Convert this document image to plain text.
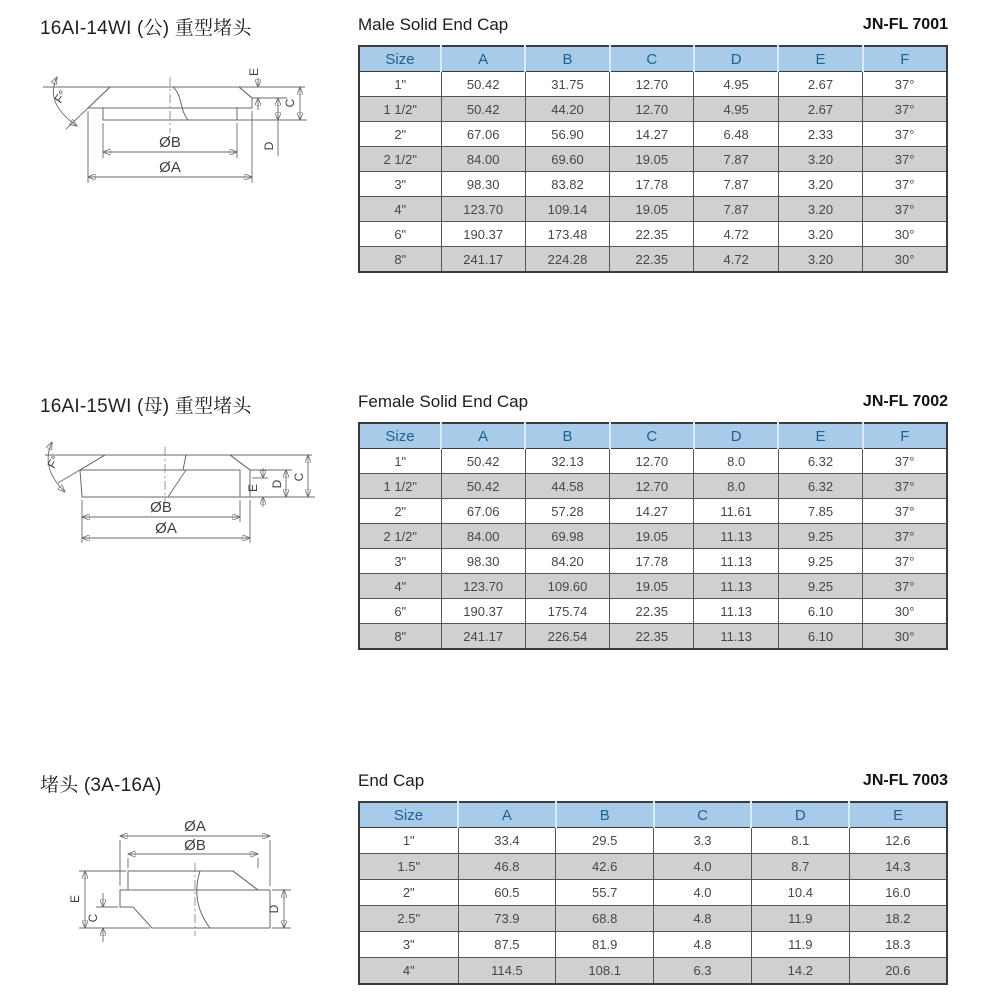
16AI-14WI (公) 重型堵头	Male Solid End Cap	JN-FL 7001
Size	A	B	C	D	E	F
1"	50.42	31.75	12.70	4.95	2.67	37°
1 1/2"	50.42	44.20	12.70	4.95	2.67	37°
2"	67.06	56.90	14.27	6.48	2.33	37°
2 1/2"	84.00	69.60	19.05	7.87	3.20	37°
3"	98.30	83.82	17.78	7.87	3.20	37°
4"	123.70	109.14	19.05	7.87	3.20	37°
6"	190.37	173.48	22.35	4.72	3.20	30°
8"	241.17	224.28	22.35	4.72	3.20	30°
F°
ØB
ØA
E
C
D
16AI-15WI (母) 重型堵头	Female Solid End Cap	JN-FL 7002
Size	A	B	C	D	E	F
1"	50.42	32.13	12.70	8.0	6.32	37°
1 1/2"	50.42	44.58	12.70	8.0	6.32	37°
2"	67.06	57.28	14.27	11.61	7.85	37°
2 1/2"	84.00	69.98	19.05	11.13	9.25	37°
3"	98.30	84.20	17.78	11.13	9.25	37°
4"	123.70	109.60	19.05	11.13	9.25	37°
6"	190.37	175.74	22.35	11.13	6.10	30°
8"	241.17	226.54	22.35	11.13	6.10	30°
F°
ØB
ØA
E D
C
堵头 (3A-16A)	End Cap	JN-FL 7003
Size	A	B	C	D	E
1"	33.4	29.5	3.3	8.1	12.6
1.5"	46.8	42.6	4.0	8.7	14.3
2"	60.5	55.7	4.0	10.4	16.0
2.5"	73.9	68.8	4.8	11.9	18.2
3"	87.5	81.9	4.8	11.9	18.3
4"	114.5	108.1	6.3	14.2	20.6
ØA
ØB
E
C
D
